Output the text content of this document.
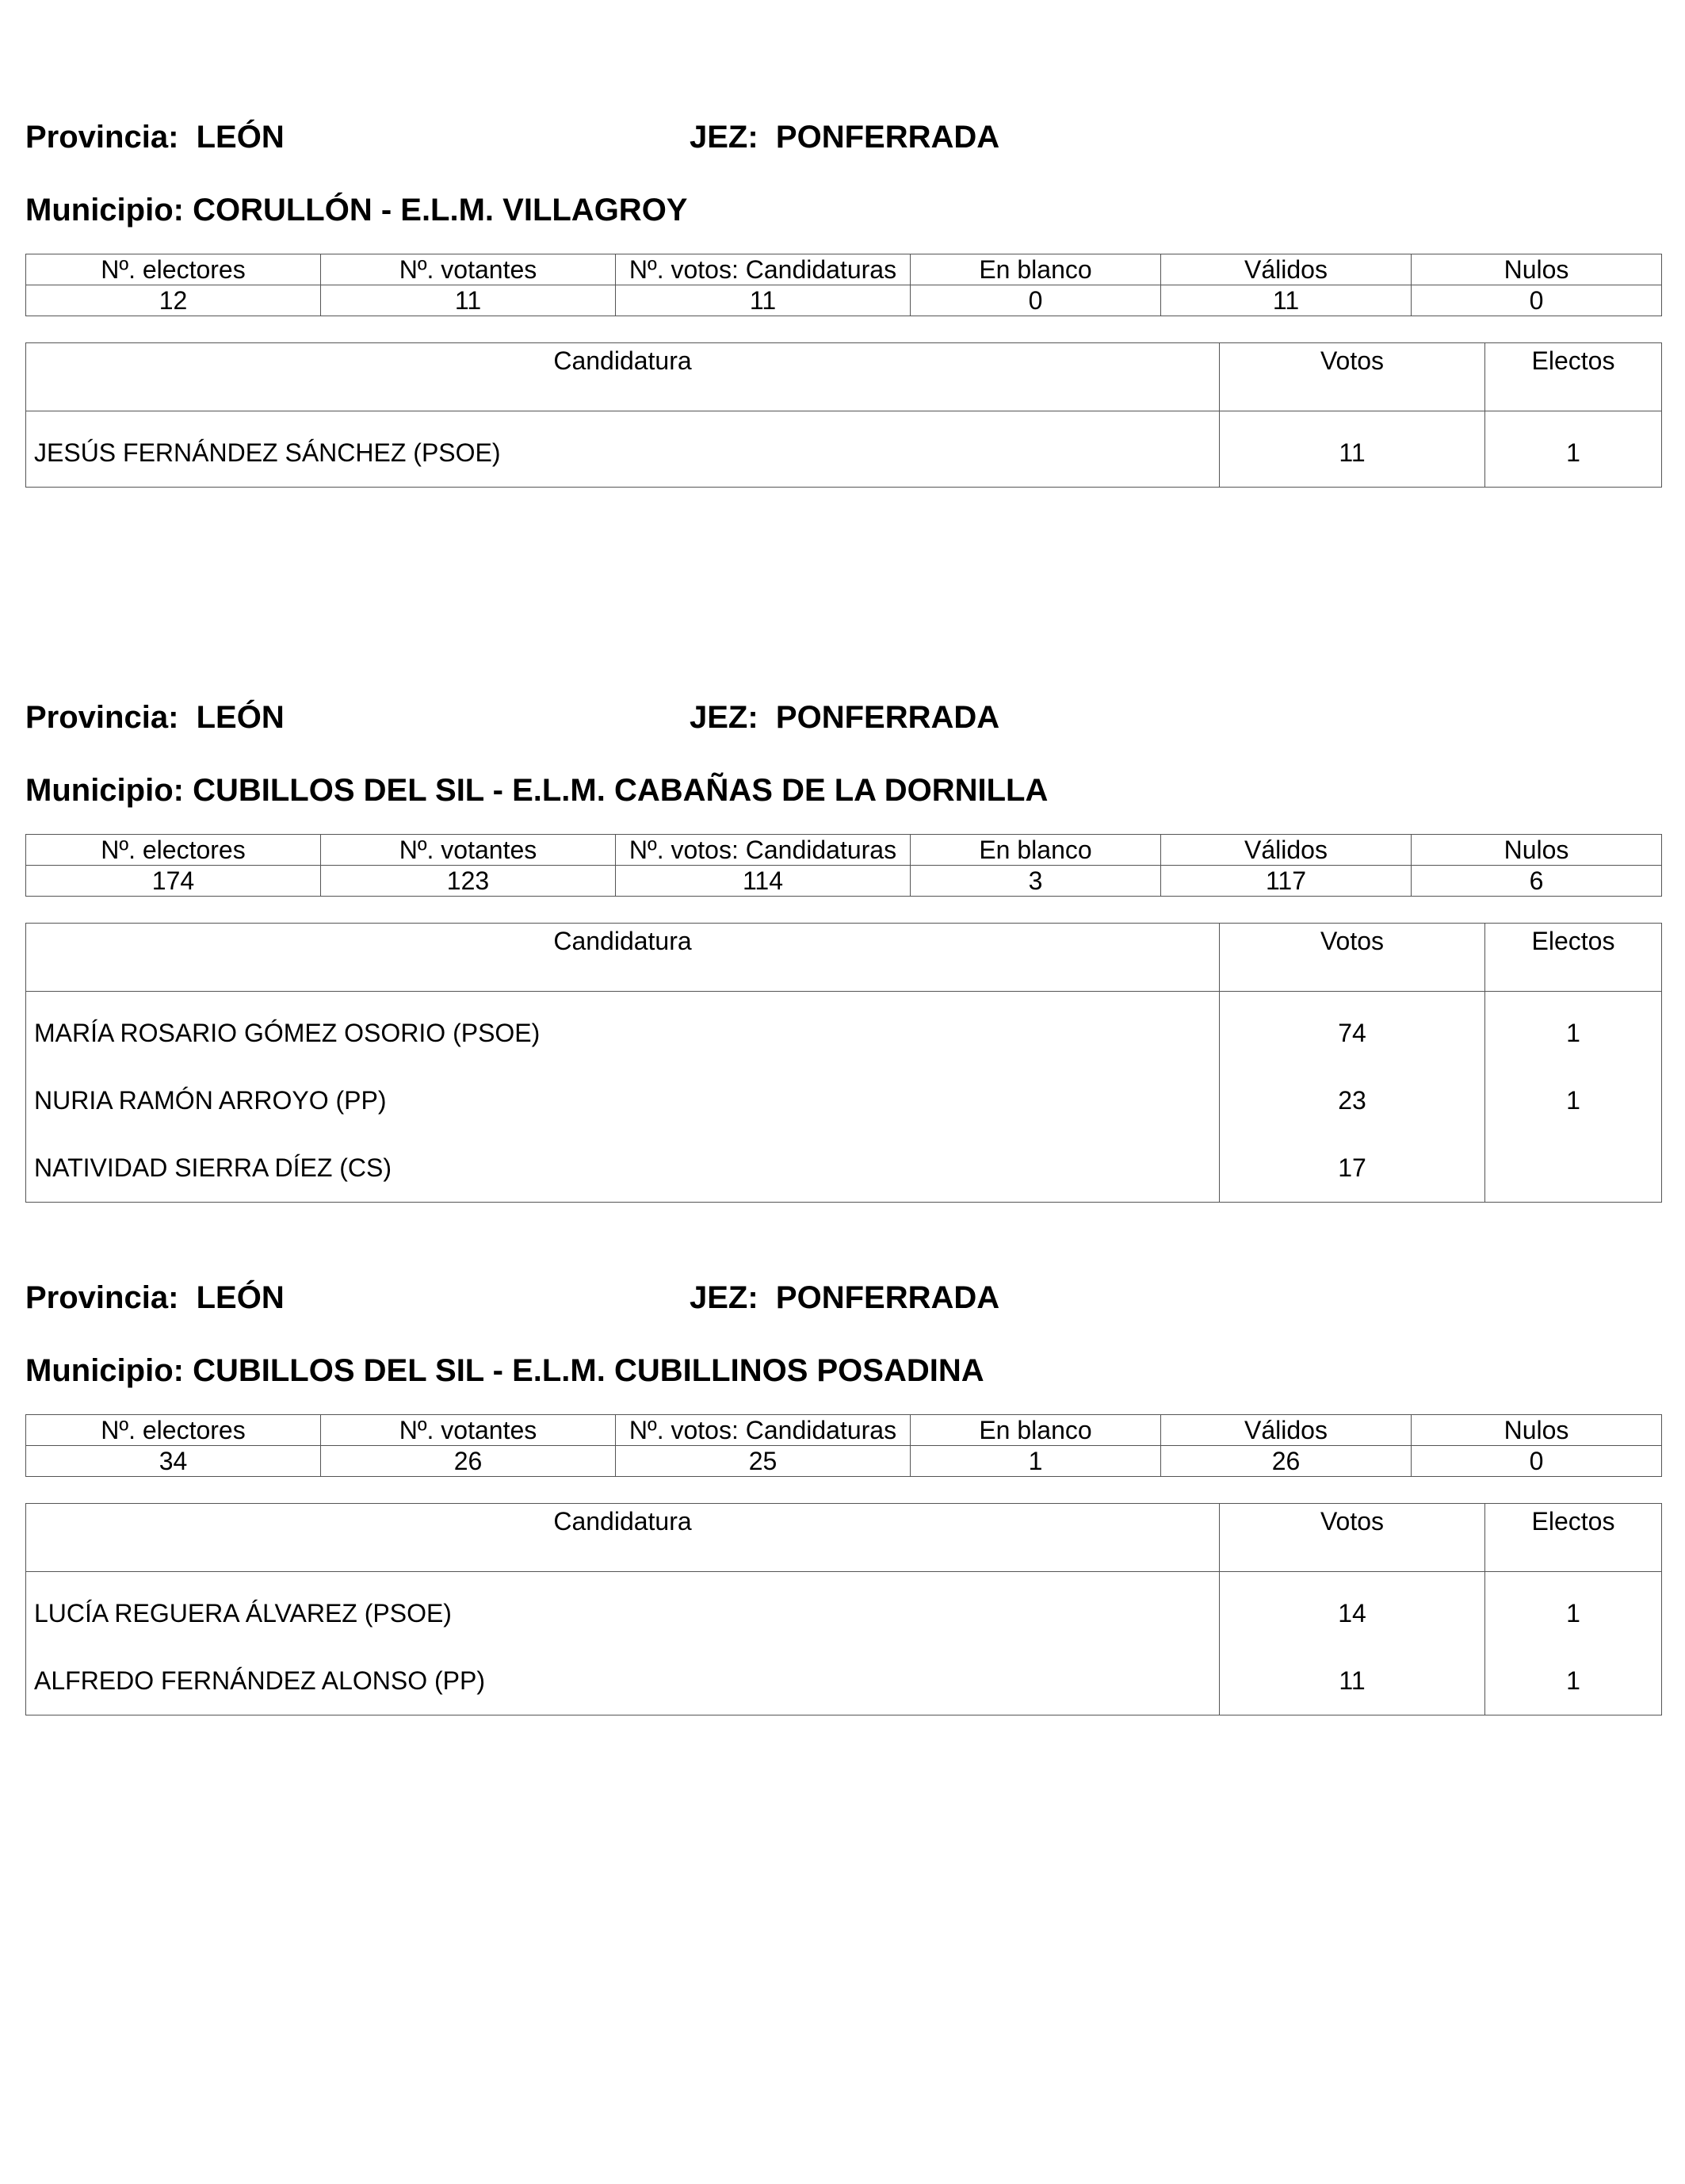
Provincia:  LEÓN	JEZ:  PONFERRADA
Municipio: CORULLÓN - E.L.M. VILLAGROY
Nº. electores	Nº. votantes	Nº. votos: Candidaturas	En blanco	Válidos	Nulos
12	11	11	0	11	0
Candidatura	Votos	Electos
JESÚS FERNÁNDEZ SÁNCHEZ (PSOE)	11	1
Provincia:  LEÓN	JEZ:  PONFERRADA
Municipio: CUBILLOS DEL SIL - E.L.M. CABAÑAS DE LA DORNILLA
Nº. electores	Nº. votantes	Nº. votos: Candidaturas	En blanco	Válidos	Nulos
174	123	114	3	117	6
Candidatura	Votos	Electos
MARÍA ROSARIO GÓMEZ OSORIO (PSOE)	74	1
NURIA RAMÓN ARROYO (PP)	23	1
NATIVIDAD SIERRA DÍEZ (CS)	17	
Provincia:  LEÓN	JEZ:  PONFERRADA
Municipio: CUBILLOS DEL SIL - E.L.M. CUBILLINOS POSADINA
Nº. electores	Nº. votantes	Nº. votos: Candidaturas	En blanco	Válidos	Nulos
34	26	25	1	26	0
Candidatura	Votos	Electos
LUCÍA REGUERA ÁLVAREZ (PSOE)	14	1
ALFREDO FERNÁNDEZ ALONSO (PP)	11	1
